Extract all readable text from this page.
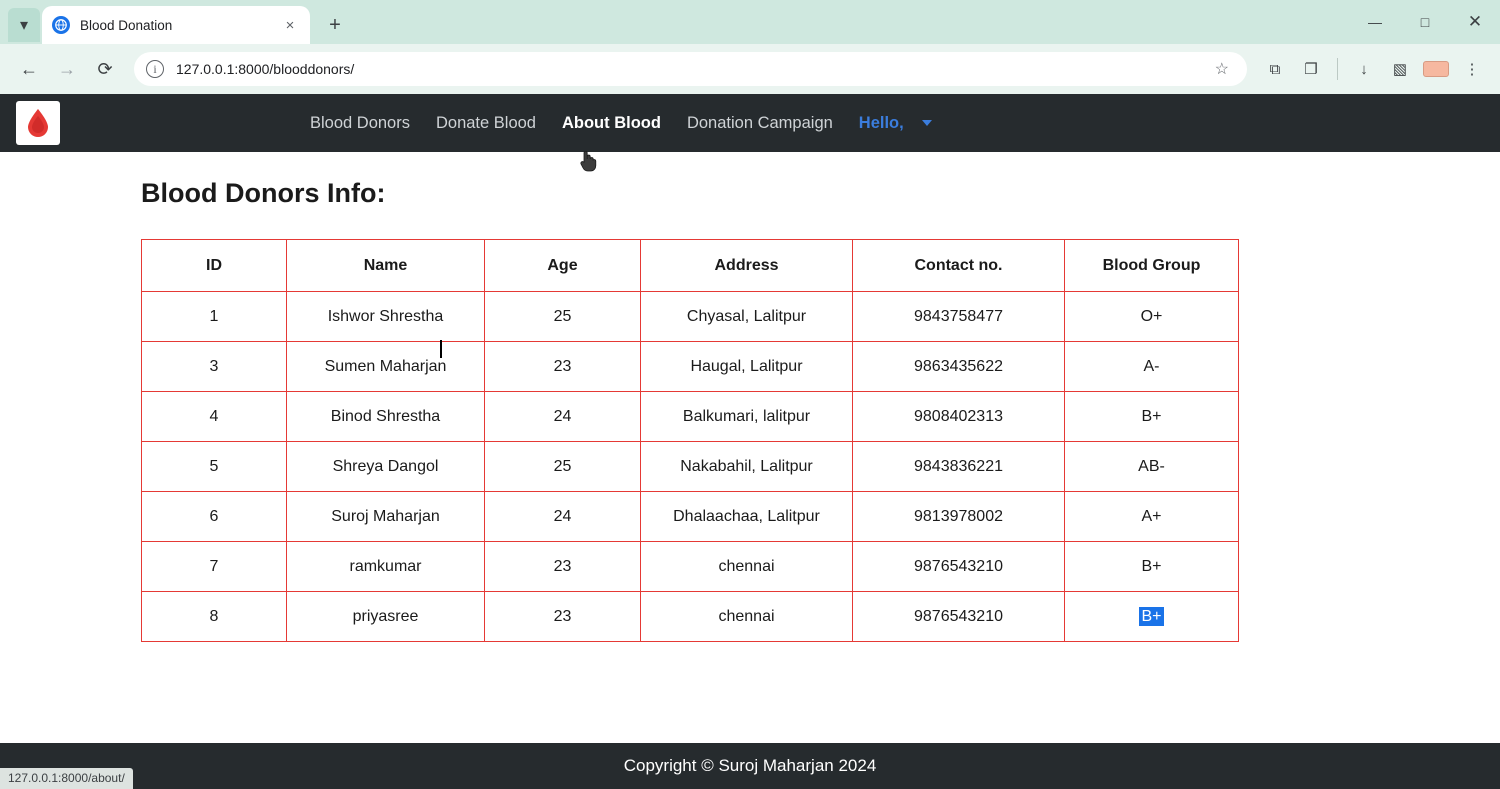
▾	Blood Donation	×	+	—	□	✕
←	→	⟳	i	127.0.0.1:8000/blooddonors/	☆	⧉	❐	↓	▧	⋮
Blood Donors Donate Blood About Blood Donation Campaign Hello,
Blood Donors Info:
ID	Name	Age	Address	Contact no.	Blood Group
1	Ishwor Shrestha	25	Chyasal, Lalitpur	9843758477	O+
3	Sumen Maharjan	23	Haugal, Lalitpur	9863435622	A-
4	Binod Shrestha	24	Balkumari, lalitpur	9808402313	B+
5	Shreya Dangol	25	Nakabahil, Lalitpur	9843836221	AB-
6	Suroj Maharjan	24	Dhalaachaa, Lalitpur	9813978002	A+
7	ramkumar	23	chennai	9876543210	B+
8	priyasree	23	chennai	9876543210	B+
Copyright © Suroj Maharjan 2024
127.0.0.1:8000/about/
